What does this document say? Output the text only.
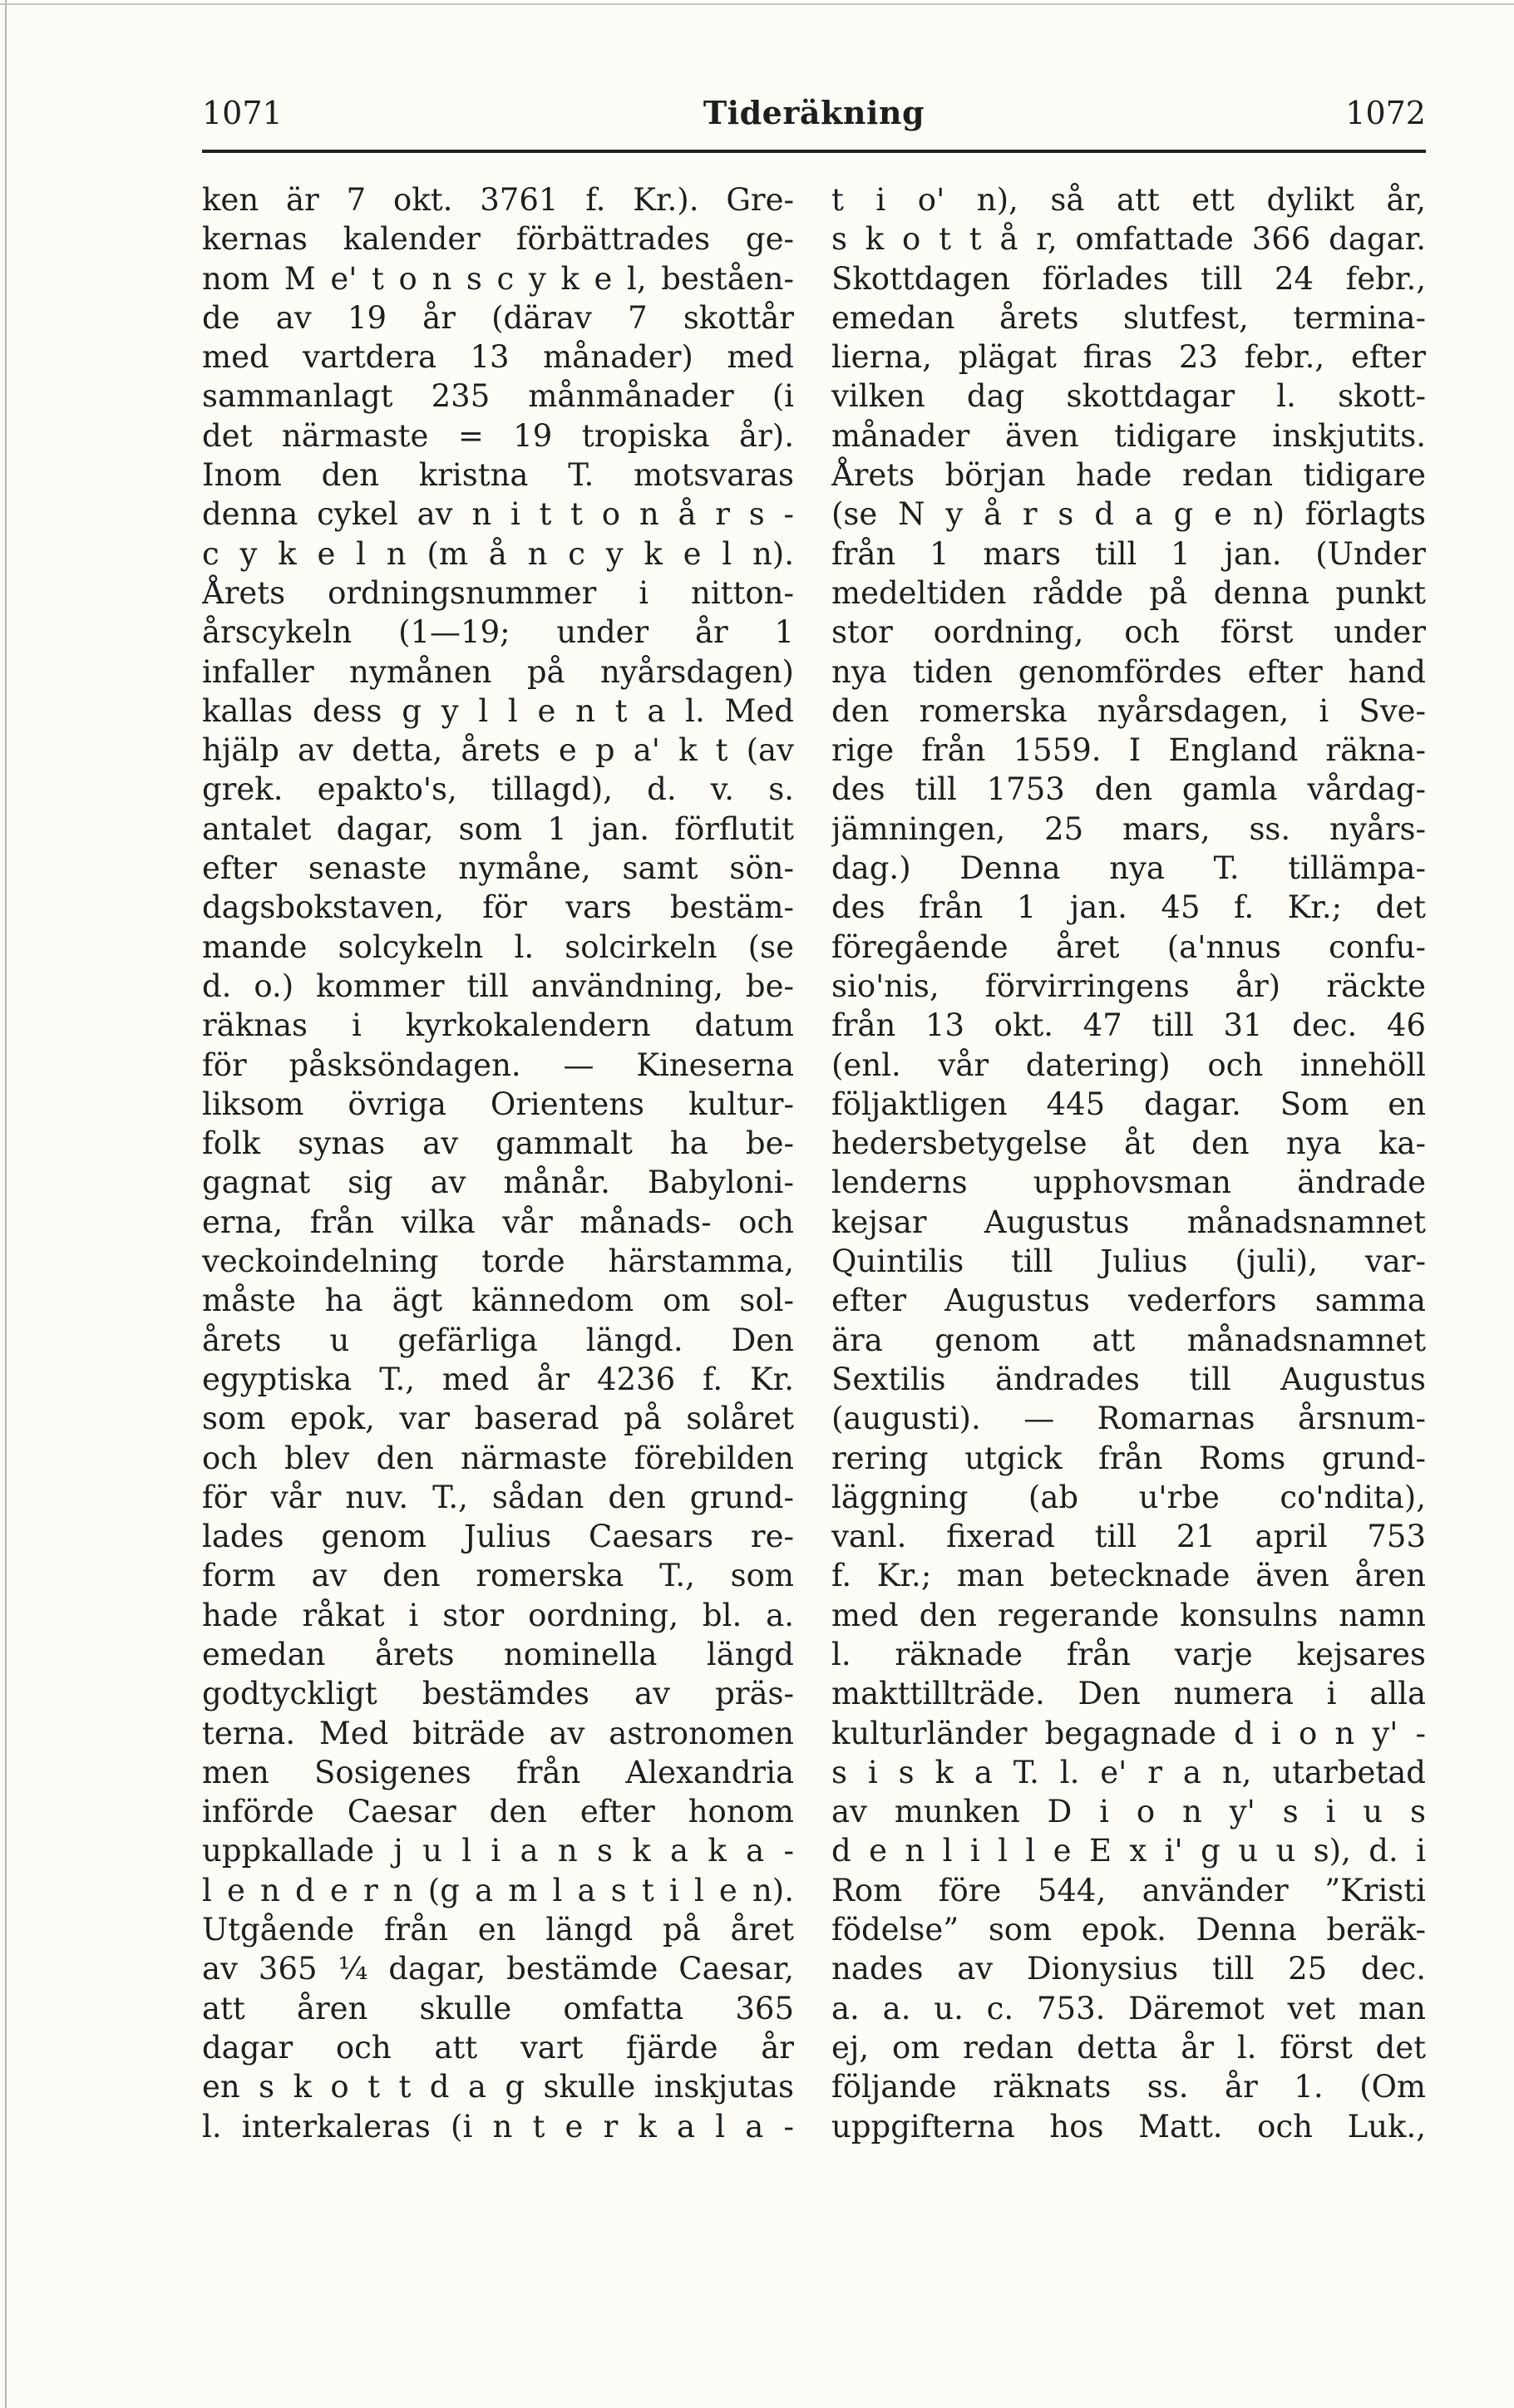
Tideräkning
1071	1072
ken är 7 okt. 3761 f. Kr.). Gre-
kernas kalender förbättrades ge-
nom M e' t o n s c y k e l, beståen-
de av 19 år (därav 7 skottår
med vartdera 13 månader) med
sammanlagt 235 månmånader (i
det närmaste = 19 tropiska år).
Inom den kristna T. motsvaras
denna cykel av n i t t o n å r s -
c y k e l n (m å n c y k e l n).
Årets ordningsnummer i nitton-
årscykeln (1—19; under år 1
infaller nymånen på nyårsdagen)
kallas dess g y l l e n t a l. Med
hjälp av detta, årets e p a' k t (av
grek. epakto's, tillagd), d. v. s.
antalet dagar, som 1 jan. förflutit
efter senaste nymåne, samt sön-
dagsbokstaven, för vars bestäm-
mande solcykeln l. solcirkeln (se
d. o.) kommer till användning, be-
räknas i kyrkokalendern datum
för påsksöndagen. — Kineserna
liksom övriga Orientens kultur-
folk synas av gammalt ha be-
gagnat sig av månår. Babyloni-
erna, från vilka vår månads- och
veckoindelning torde härstamma,
måste ha ägt kännedom om sol-
årets u gefärliga längd. Den
egyptiska T., med år 4236 f. Kr.
som epok, var baserad på solåret
och blev den närmaste förebilden
för vår nuv. T., sådan den grund-
lades genom Julius Caesars re-
form av den romerska T., som
hade råkat i stor oordning, bl. a.
emedan årets nominella längd
godtyckligt bestämdes av präs-
terna. Med biträde av astronomen
men Sosigenes från Alexandria
införde Caesar den efter honom
uppkallade j u l i a n s k a k a -
l e n d e r n (g a m l a s t i l e n).
Utgående från en längd på året
av 365 ¼ dagar, bestämde Caesar,
att åren skulle omfatta 365
dagar och att vart fjärde år
en s k o t t d a g skulle inskjutas
l. interkaleras (i n t e r k a l a -
t i o' n), så att ett dylikt år,
s k o t t å r, omfattade 366 dagar.
Skottdagen förlades till 24 febr.,
emedan årets slutfest, termina-
lierna, plägat firas 23 febr., efter
vilken dag skottdagar l. skott-
månader även tidigare inskjutits.
Årets början hade redan tidigare
(se N y å r s d a g e n) förlagts
från 1 mars till 1 jan. (Under
medeltiden rådde på denna punkt
stor oordning, och först under
nya tiden genomfördes efter hand
den romerska nyårsdagen, i Sve-
rige från 1559. I England räkna-
des till 1753 den gamla vårdag-
jämningen, 25 mars, ss. nyårs-
dag.) Denna nya T. tillämpa-
des från 1 jan. 45 f. Kr.; det
föregående året (a'nnus confu-
sio'nis, förvirringens år) räckte
från 13 okt. 47 till 31 dec. 46
(enl. vår datering) och innehöll
följaktligen 445 dagar. Som en
hedersbetygelse åt den nya ka-
lenderns upphovsman ändrade
kejsar Augustus månadsnamnet
Quintilis till Julius (juli), var-
efter Augustus vederfors samma
ära genom att månadsnamnet
Sextilis ändrades till Augustus
(augusti). — Romarnas årsnum-
rering utgick från Roms grund-
läggning (ab u'rbe co'ndita),
vanl. fixerad till 21 april 753
f. Kr.; man betecknade även åren
med den regerande konsulns namn
l. räknade från varje kejsares
makttillträde. Den numera i alla
kulturländer begagnade d i o n y' -
s i s k a T. l. e' r a n, utarbetad
av munken D i o n y' s i u s
d e n l i l l e E x i' g u u s), d. i
Rom före 544, använder ”Kristi
födelse” som epok. Denna beräk-
nades av Dionysius till 25 dec.
a. a. u. c. 753. Däremot vet man
ej, om redan detta år l. först det
följande räknats ss. år 1. (Om
uppgifterna hos Matt. och Luk.,
